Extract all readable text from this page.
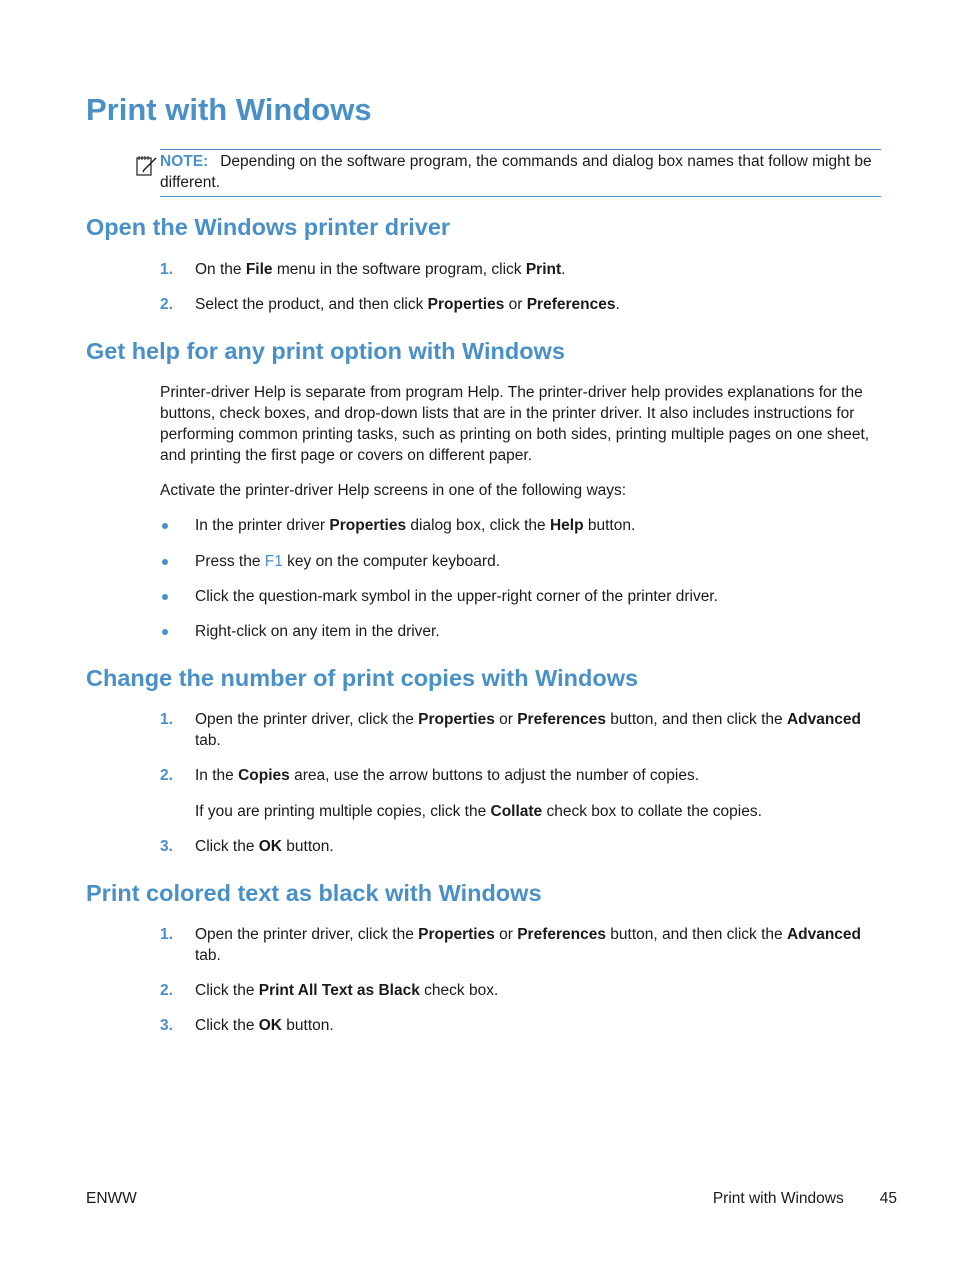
Print with Windows
NOTE: Depending on the software program, the commands and dialog box names that follow might be different.
Open the Windows printer driver
1.	On the File menu in the software program, click Print.
2.	Select the product, and then click Properties or Preferences.
Get help for any print option with Windows

Printer-driver Help is separate from program Help. The printer-driver help provides explanations for the buttons, check boxes, and drop-down lists that are in the printer driver. It also includes instructions for performing common printing tasks, such as printing on both sides, printing multiple pages on one sheet, and printing the first page or covers on different paper.

Activate the printer-driver Help screens in one of the following ways:

In the printer driver Properties dialog box, click the Help button.
Press the F1 key on the computer keyboard.
Click the question-mark symbol in the upper-right corner of the printer driver.
Right-click on any item in the driver.
Change the number of print copies with Windows
1.	Open the printer driver, click the Properties or Preferences button, and then click the Advanced tab.
2.	In the Copies area, use the arrow buttons to adjust the number of copies.

If you are printing multiple copies, click the Collate check box to collate the copies.

3.	Click the OK button.
Print colored text as black with Windows
1.	Open the printer driver, click the Properties or Preferences button, and then click the Advanced tab.
2.	Click the Print All Text as Black check box.
3.	Click the OK button.
ENWW	Print with Windows 45
